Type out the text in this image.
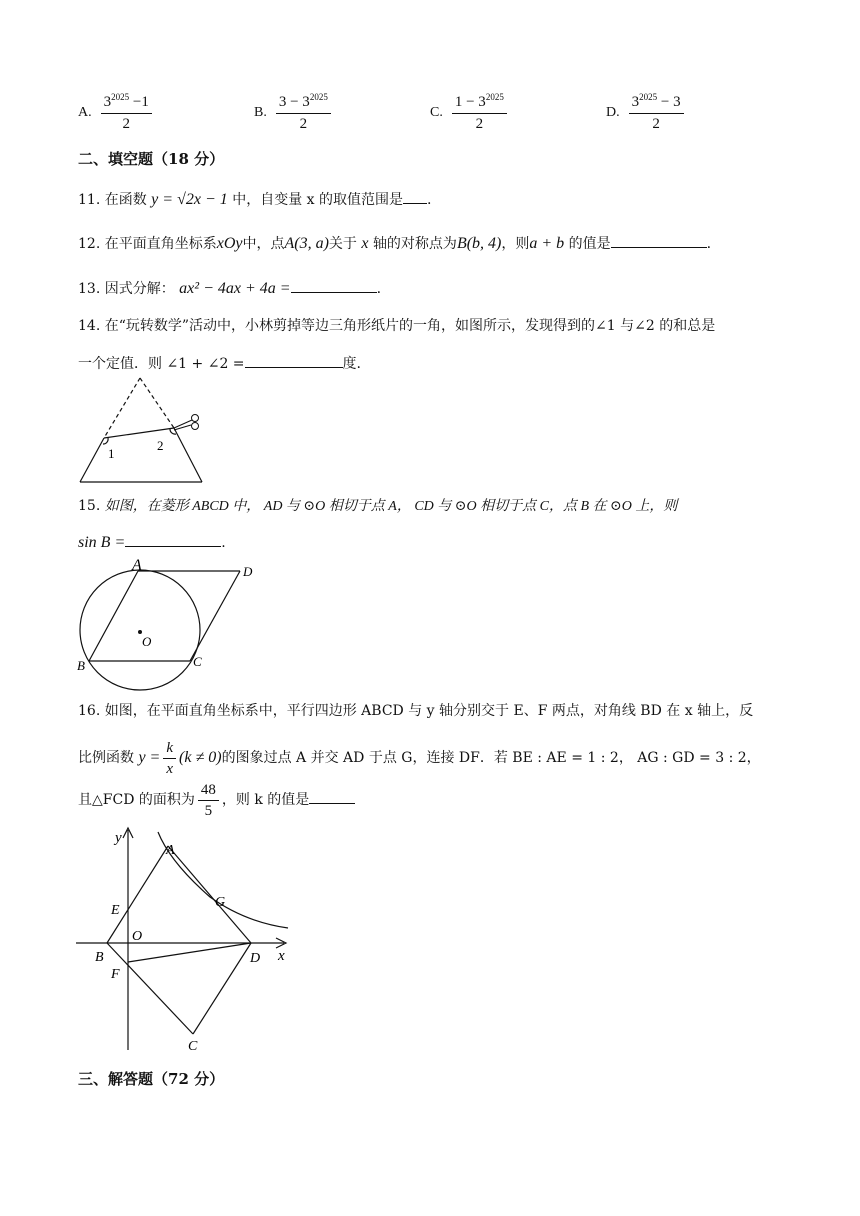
A. $\frac{3^{2025} -1}{2}$	B. $\frac{3 - 3^{2025}}{2}$	C. $\frac{1 - 3^{2025}}{2}$	D. $\frac{3^{2025} - 3}{2}$
二、填空题（18 分）
11. 在函数 y = √2x − 1 中，自变量 x 的取值范围是 .
12. 在平面直角坐标系xOy中，点A(3, a)关于 x 轴的对称点为B(b, 4)，则a + b 的值是	.
13. 因式分解： ax² − 4ax + 4a =	.
14. 在“玩转数学”活动中，小林剪掉等边三角形纸片的一角，如图所示，发现得到的∠1 与∠2 的和总是
一个定值．则 ∠1 + ∠2 =	度.
1
2
15. 如图，在菱形 ABCD 中， AD 与 ⊙O 相切于点 A， CD 与 ⊙O 相切于点 C，点 B 在 ⊙O 上，则
sin B =	.
A	D
B	C
O
16. 如图，在平面直角坐标系中，平行四边形 ABCD 与 y 轴分别交于 E、F 两点，对角线 BD 在 x 轴上，反
比例函数 $y = \frac{k}{x} (k \ne 0)$的图象过点 A 并交 AD 于点 G，连接 DF．若 BE : AE = 1 : 2， AG : GD = 3 : 2，
且△FCD 的面积为 $\frac{48}{5}$ ，则 k 的值是
y
x
A
G
E
O
B	D
F
C
三、解答题（72 分）
